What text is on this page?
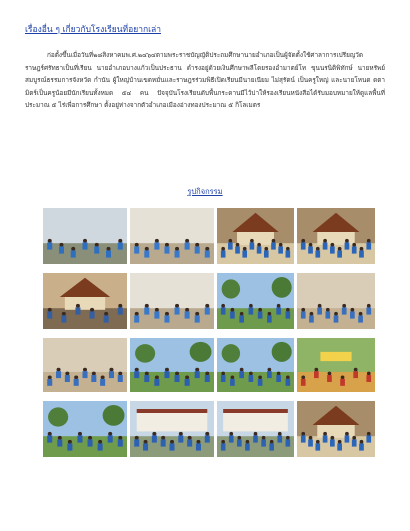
เรื่องอื่น ๆ เกี่ยวกับโรงเรียนที่อยากเล่า

ก่อตั้งขึ้นเมื่อวันที่๒๘สิงหาคมพ.ศ.๒๔๖๔ตามพระราชบัญญัติประถมศึกษานายอำเภอเป็นผู้จัดตั้งใช้ศาลาการเปรียญวัดราษฎร์ศรัทธาเป็นที่เรียน นายอำเภอบางแก้วเป็นประธาน ดำรงอยู่ด้วยเงินศึกษาพลีโดยรองอำมาตย์โท ขุนนรนิติพิทักษ์ นายหรัพย์สมบูรณ์ธรรมการจังหวัด กำนัน ผู้ใหญ่บ้านเขตหมั่นและราษฎรร่วมพิธีเปิดเรียนมีนายเนียม ไม่สุรัตน์ เป็นครูใหญ่ และนายโหนด ดตามิตร์เป็นครูน้อยมีนักเรียนทั้งหมด ๕๔ คน ปัจจุบันโรงเรียนดับพื้นกระดานมีไว้บ่าให้รองเรียนหนังสือได้รับมอบหมายให้ดูแลพื้นที่ประมาณ ๕ ไร่เพื่อการศึกษา ตั้งอยู่ห่างจากตัวอำเภอเมืองอ่างทองประมาณ ๕ กิโลเมตร

รูปกิจกรรม
